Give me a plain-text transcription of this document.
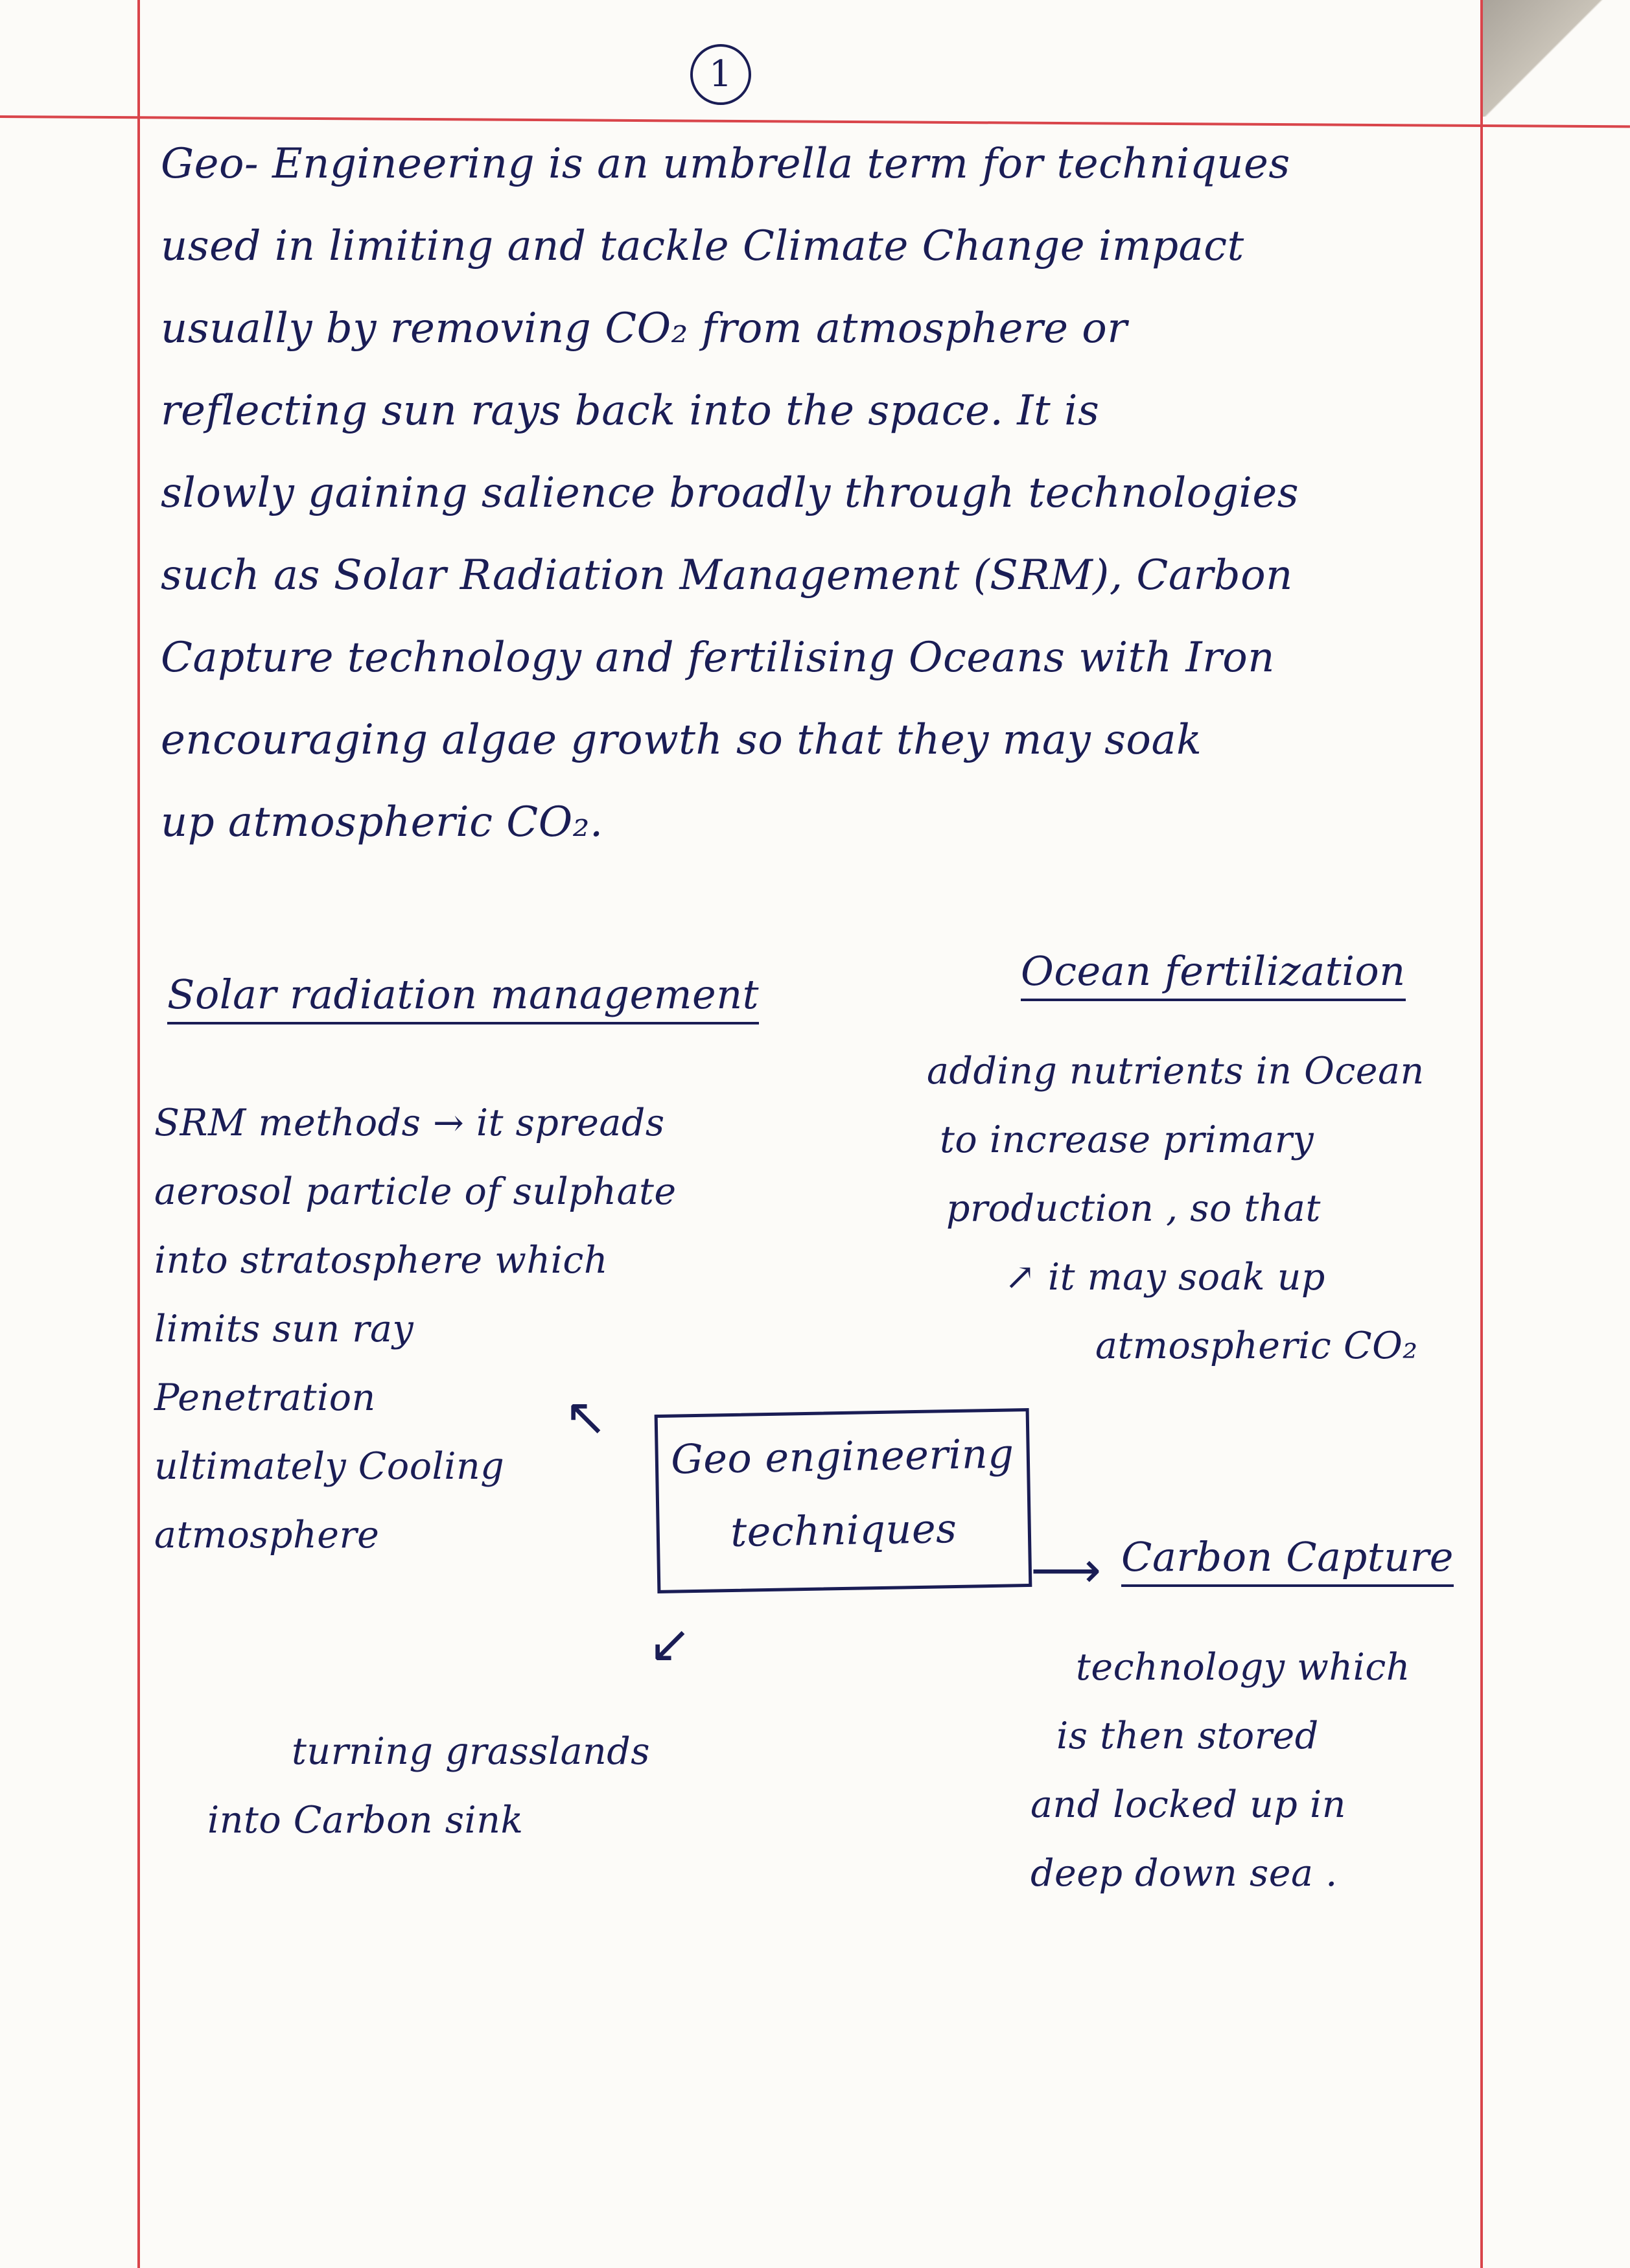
1
Geo- Engineering is an umbrella term for techniques
used in limiting and tackle Climate Change impact
usually by removing CO₂ from atmosphere or
reflecting sun rays back into the space. It is
slowly gaining salience broadly through technologies
such as Solar Radiation Management (SRM), Carbon
Capture technology and fertilising Oceans with Iron
encouraging algae growth so that they may soak
up atmospheric CO₂.
Solar radiation management
SRM methods → it spreads
aerosol particle of sulphate
into stratosphere which
limits sun ray
Penetration
ultimately Cooling
atmosphere
Ocean fertilization
adding nutrients in Ocean
to increase primary
production , so that
↗ it may soak up
atmospheric CO₂
↖
Geo engineering
techniques
⟶
↙
Carbon Capture
technology which
is then stored
and locked up in
deep down sea .
turning grasslands
into Carbon sink
